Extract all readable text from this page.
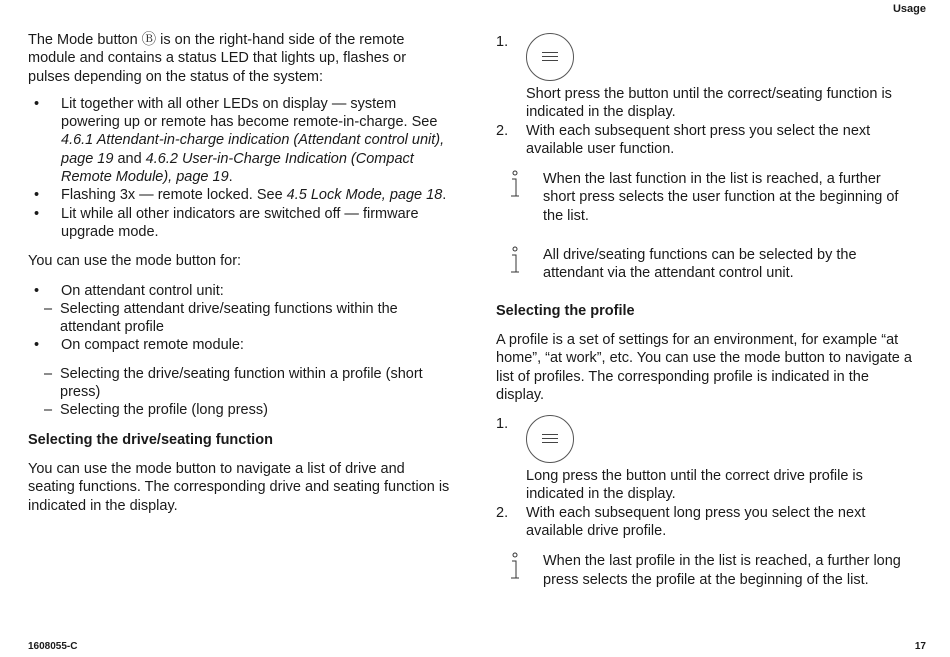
Usage

The Mode button Ⓑ is on the right-hand side of the remote module and contains a status LED that lights up, flashes or pulses depending on the status of the system:

• Lit together with all other LEDs on display — system powering up or remote has become remote-in-charge. See 4.6.1 Attendant-in-charge indication (Attendant control unit), page 19 and 4.6.2 User-in-Charge Indication (Compact Remote Module), page 19.
• Flashing 3x — remote locked. See 4.5 Lock Mode, page 18.
• Lit while all other indicators are switched off — firmware upgrade mode.

You can use the mode button for:

• On attendant control unit:
– Selecting attendant drive/seating functions within the attendant profile
• On compact remote module:
– Selecting the drive/seating function within a profile (short press)
– Selecting the profile (long press)

Selecting the drive/seating function

You can use the mode button to navigate a list of drive and seating functions. The corresponding drive and seating function is indicated in the display.

1.

Short press the button until the correct/seating function is indicated in the display.

2. With each subsequent short press you select the next available user function.

When the last function in the list is reached, a further short press selects the user function at the beginning of the list.

All drive/seating functions can be selected by the attendant via the attendant control unit.

Selecting the profile

A profile is a set of settings for an environment, for example “at home”, “at work”, etc. You can use the mode button to navigate a list of profiles. The corresponding profile is indicated in the display.

1.

Long press the button until the correct drive profile is indicated in the display.

2. With each subsequent long press you select the next available drive profile.

When the last profile in the list is reached, a further long press selects the profile at the beginning of the list.

1608055-C	17
